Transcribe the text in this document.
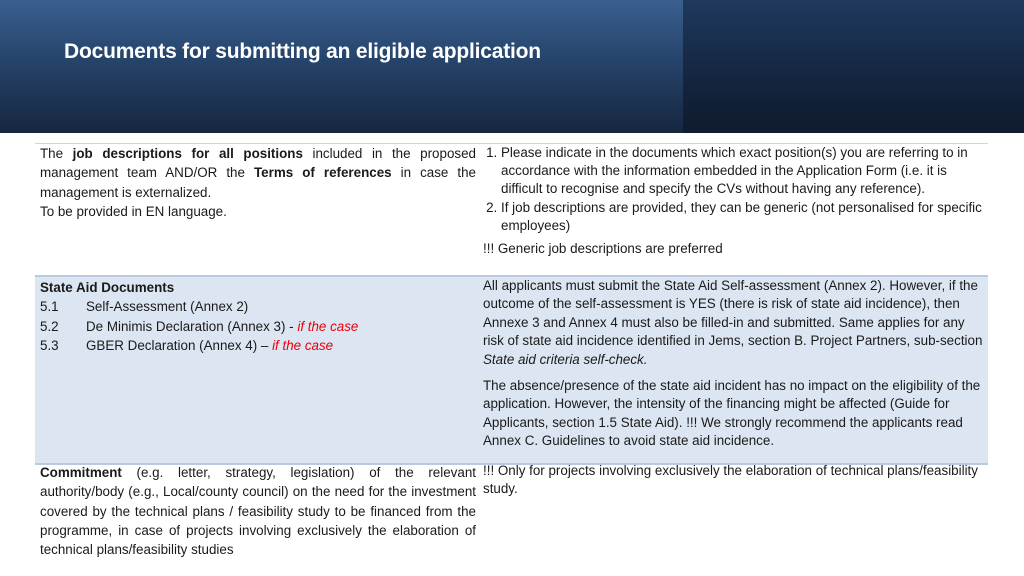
Documents for submitting an eligible application

The job descriptions for all positions included in the proposed management team AND/OR the Terms of references in case the management is externalized.

To be provided in EN language.

1. Please indicate in the documents which exact position(s) you are referring to in accordance with the information embedded in the Application Form (i.e. it is difficult to recognise and specify the CVs without having any reference).
2. If job descriptions are provided, they can be generic (not personalised for specific employees)

!!! Generic job descriptions are preferred

State Aid Documents

5.1 Self-Assessment (Annex 2)

5.2 De Minimis Declaration (Annex 3) - if the case

5.3 GBER Declaration (Annex 4) – if the case

All applicants must submit the State Aid Self-assessment (Annex 2). However, if the outcome of the self-assessment is YES (there is risk of state aid incidence), then Annexe 3 and Annex 4 must also be filled-in and submitted. Same applies for any risk of state aid incidence identified in Jems, section B. Project Partners, sub-section State aid criteria self-check.

The absence/presence of the state aid incident has no impact on the eligibility of the application. However, the intensity of the financing might be affected (Guide for Applicants, section 1.5 State Aid). !!! We strongly recommend the applicants read Annex C. Guidelines to avoid state aid incidence.

Commitment (e.g. letter, strategy, legislation) of the relevant authority/body (e.g., Local/county council) on the need for the investment covered by the technical plans / feasibility study to be financed from the programme, in case of projects involving exclusively the elaboration of technical plans/feasibility studies

!!! Only for projects involving exclusively the elaboration of technical plans/feasibility study.
